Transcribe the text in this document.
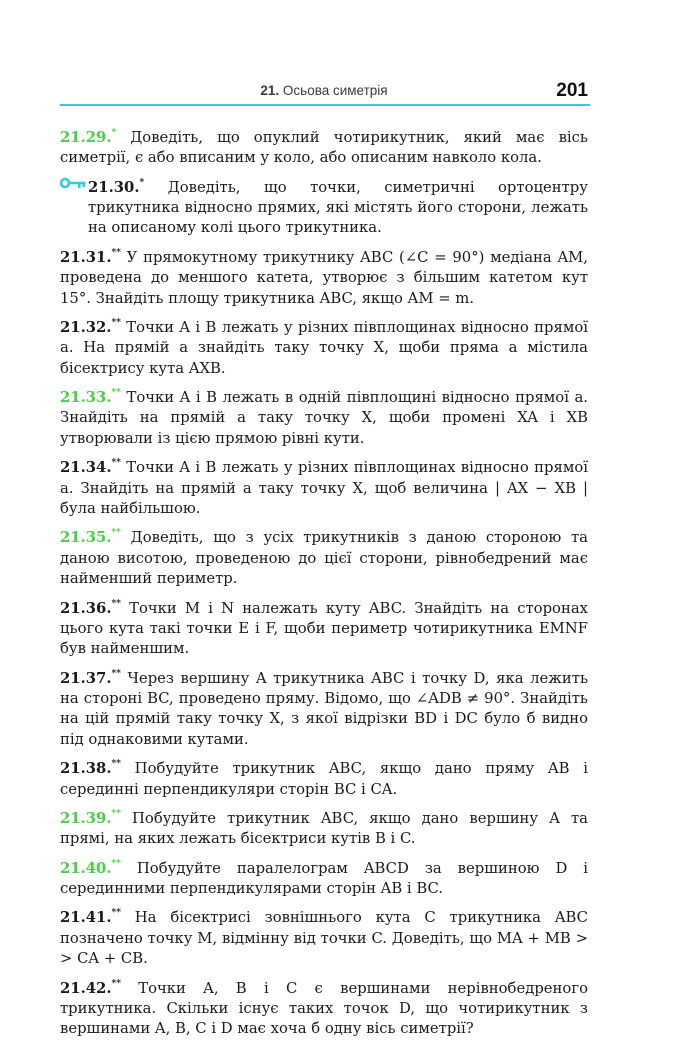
21. Осьова симетрія	201
21.29.* Доведіть, що опуклий чотирикутник, який має вісь симетрії, є або вписаним у коло, або описаним навколо кола.
21.30.* Доведіть, що точки, симетричні ортоцентру трикутника відносно прямих, які містять його сторони, лежать на описаному колі цього трикутника.
21.31.** У прямокутному трикутнику ABC (∠C = 90°) медіана AM, проведена до меншого катета, утворює з більшим катетом кут 15°. Знайдіть площу трикутника ABC, якщо AM = m.
21.32.** Точки A і B лежать у різних півплощинах відносно прямої a. На прямій a знайдіть таку точку X, щоби пряма a містила бісектрису кута AXB.
21.33.** Точки A і B лежать в одній півплощині відносно прямої a. Знайдіть на прямій a таку точку X, щоби промені XA і XB утворювали із цією прямою рівні кути.
21.34.** Точки A і B лежать у різних півплощинах відносно прямої a. Знайдіть на прямій a таку точку X, щоб величина | AX − XB | була найбільшою.
21.35.** Доведіть, що з усіх трикутників з даною стороною та даною висотою, проведеною до цієї сторони, рівнобедрений має найменший периметр.
21.36.** Точки M і N належать куту ABC. Знайдіть на сторонах цього кута такі точки E і F, щоби периметр чотирикутника EMNF був найменшим.
21.37.** Через вершину A трикутника ABC і точку D, яка лежить на стороні BC, проведено пряму. Відомо, що ∠ADB ≠ 90°. Знайдіть на цій прямій таку точку X, з якої відрізки BD і DC було б видно під однаковими кутами.
21.38.** Побудуйте трикутник ABC, якщо дано пряму AB і серединні перпендикуляри сторін BC і CA.
21.39.** Побудуйте трикутник ABC, якщо дано вершину A та прямі, на яких лежать бісектриси кутів B і C.
21.40.** Побудуйте паралелограм ABCD за вершиною D і серединними перпендикулярами сторін AB і BC.
21.41.** На бісектрисі зовнішнього кута C трикутника ABC позначено точку M, відмінну від точки C. Доведіть, що MA + MB > > CA + CB.
21.42.** Точки A, B і C є вершинами нерівнобедреного трикутника. Скільки існує таких точок D, що чотирикутник з вершинами A, B, C і D має хоча б одну вісь симетрії?
